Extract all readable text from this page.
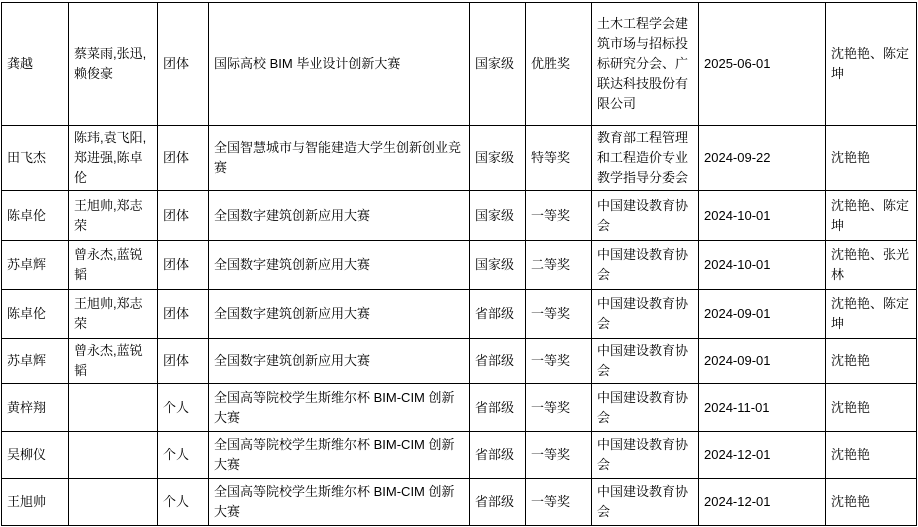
龚越	蔡菜雨,张迅,赖俊豪	团体	国际高校 BIM 毕业设计创新大赛	国家级	优胜奖	土木工程学会建筑市场与招标投标研究分会、广联达科技股份有限公司	2025-06-01	沈艳艳、陈定坤
田飞杰	陈玮,袁飞阳,郑进强,陈卓伦	团体	全国智慧城市与智能建造大学生创新创业竞赛	国家级	特等奖	教育部工程管理和工程造价专业教学指导分委会	2024-09-22	沈艳艳
陈卓伦	王旭帅,郑志荣	团体	全国数字建筑创新应用大赛	国家级	一等奖	中国建设教育协会	2024-10-01	沈艳艳、陈定坤
苏卓辉	曾永杰,蓝锐韬	团体	全国数字建筑创新应用大赛	国家级	二等奖	中国建设教育协会	2024-10-01	沈艳艳、张光林
陈卓伦	王旭帅,郑志荣	团体	全国数字建筑创新应用大赛	省部级	一等奖	中国建设教育协会	2024-09-01	沈艳艳、陈定坤
苏卓辉	曾永杰,蓝锐韬	团体	全国数字建筑创新应用大赛	省部级	一等奖	中国建设教育协会	2024-09-01	沈艳艳
黄梓翔		个人	全国高等院校学生斯维尔杯 BIM-CIM 创新大赛	省部级	一等奖	中国建设教育协会	2024-11-01	沈艳艳
吴柳仪		个人	全国高等院校学生斯维尔杯 BIM-CIM 创新大赛	省部级	一等奖	中国建设教育协会	2024-12-01	沈艳艳
王旭帅		个人	全国高等院校学生斯维尔杯 BIM-CIM 创新大赛	省部级	一等奖	中国建设教育协会	2024-12-01	沈艳艳
